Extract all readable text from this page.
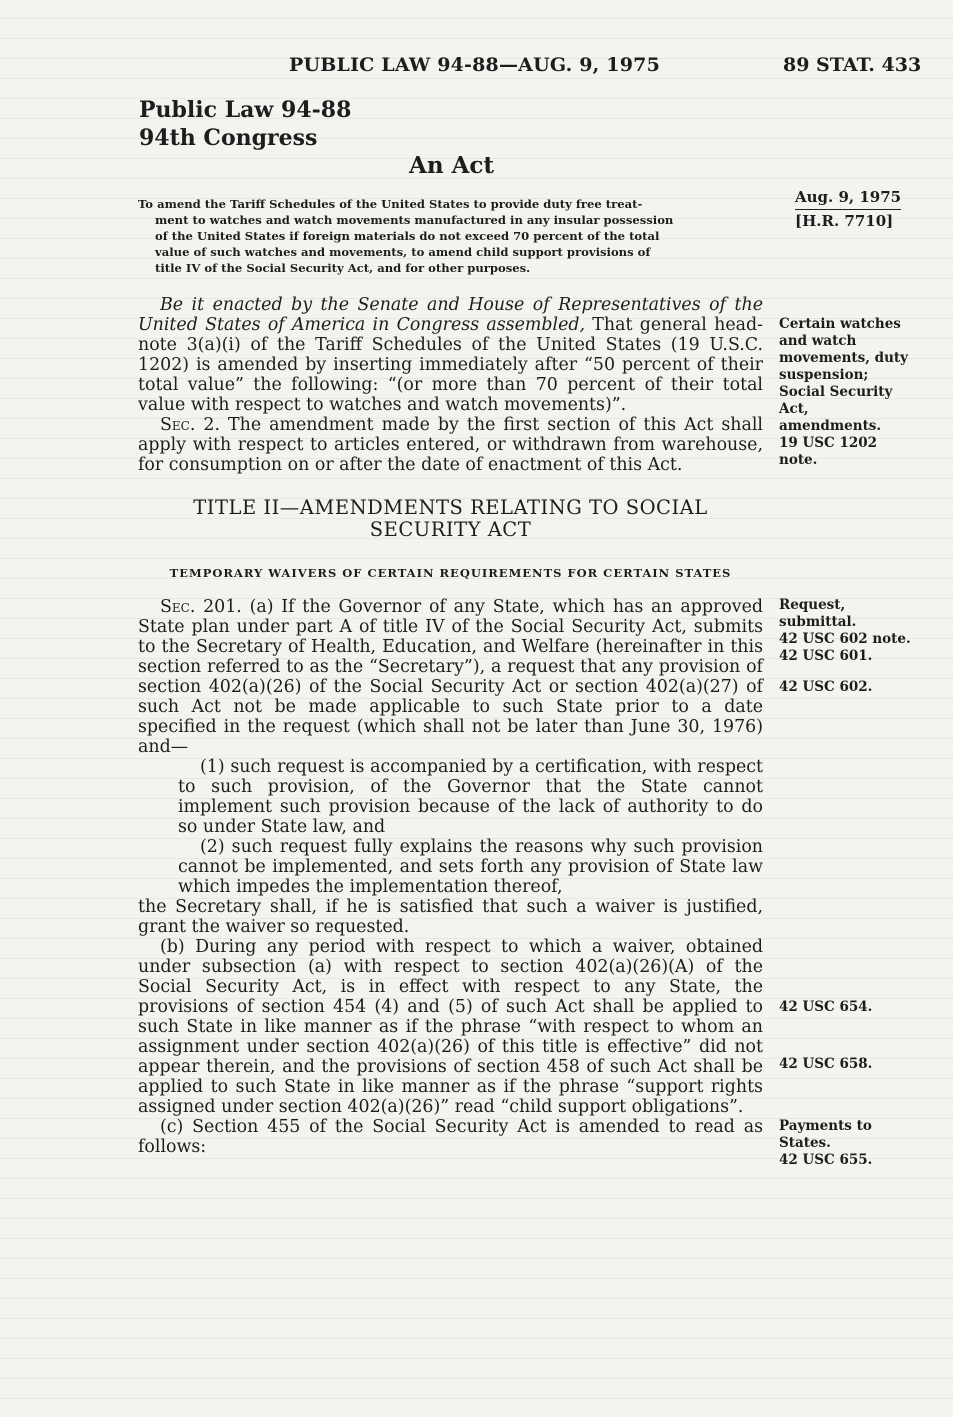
PUBLIC LAW 94-88—AUG. 9, 1975	89 STAT. 433
Public Law 94-88
94th Congress
An Act
Aug. 9, 1975
[H.R. 7710]
To amend the Tariff Schedules of the United States to provide duty free treat-
ment to watches and watch movements manufactured in any insular possession
of the United States if foreign materials do not exceed 70 percent of the total
value of such watches and movements, to amend child support provisions of
title IV of the Social Security Act, and for other purposes.

Be it enacted by the Senate and House of Representatives of the United States of America in Congress assembled, That general head-note 3(a)(i) of the Tariff Schedules of the United States (19 U.S.C. 1202) is amended by inserting immediately after “50 percent of their total value” the following: “(or more than 70 percent of their total value with respect to watches and watch movements)”.

Sec. 2. The amendment made by the first section of this Act shall apply with respect to articles entered, or withdrawn from warehouse, for consumption on or after the date of enactment of this Act.

Certain watches
and watch
movements, duty
suspension;
Social Security
Act,
amendments.
19 USC 1202
note.
TITLE II—AMENDMENTS RELATING TO SOCIAL
SECURITY ACT
TEMPORARY WAIVERS OF CERTAIN REQUIREMENTS FOR CERTAIN STATES

Sec. 201. (a) If the Governor of any State, which has an approved State plan under part A of title IV of the Social Security Act, submits to the Secretary of Health, Education, and Welfare (hereinafter in this section referred to as the “Secretary”), a request that any provision of section 402(a)(26) of the Social Security Act or section 402(a)(27) of such Act not be made applicable to such State prior to a date specified in the request (which shall not be later than June 30, 1976) and—

(1) such request is accompanied by a certification, with respect to such provision, of the Governor that the State cannot implement such provision because of the lack of authority to do so under State law, and

(2) such request fully explains the reasons why such provision cannot be implemented, and sets forth any provision of State law which impedes the implementation thereof,

the Secretary shall, if he is satisfied that such a waiver is justified, grant the waiver so requested.

(b) During any period with respect to which a waiver, obtained under subsection (a) with respect to section 402(a)(26)(A) of the Social Security Act, is in effect with respect to any State, the provisions of section 454 (4) and (5) of such Act shall be applied to such State in like manner as if the phrase “with respect to whom an assignment under section 402(a)(26) of this title is effective” did not appear therein, and the provisions of section 458 of such Act shall be applied to such State in like manner as if the phrase “support rights assigned under section 402(a)(26)” read “child support obligations”.

(c) Section 455 of the Social Security Act is amended to read as follows:

Request,
submittal.
42 USC 602 note.
42 USC 601.
42 USC 602.
42 USC 654.
42 USC 658.
Payments to
States.
42 USC 655.
